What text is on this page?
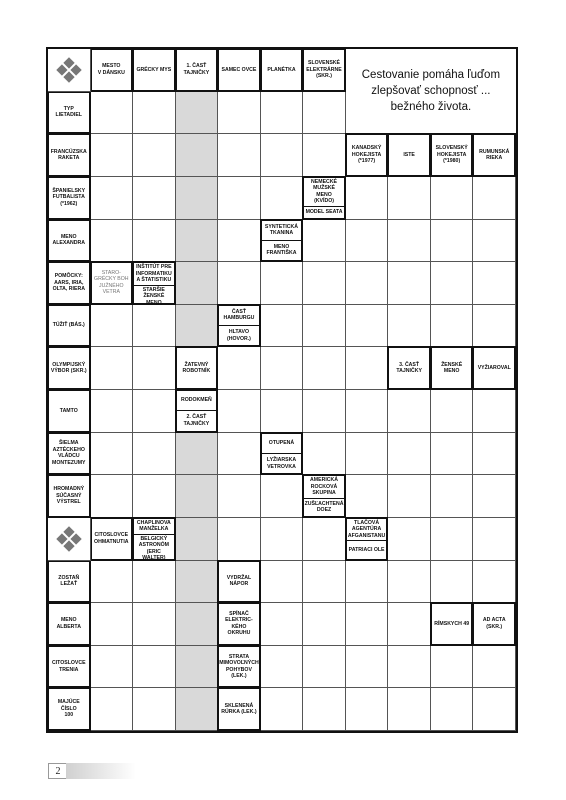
Cestovanie pomáha ľuďom zlepšovať schopnosť ... bežného života.
MESTO
V DÁNSKU
GRÉCKY MYS
1. ČASŤ
TAJNIČKY
SAMEC OVCE	PLANÉTKA
SLOVENSKÉ
ELEKTRÁRNE
(SKR.)
TYP
LIETADIEL
FRANCÚZSKA
RAKETA
KANADSKÝ
HOKEJISTA
(*1977)
ISTE
SLOVENSKÝ
HOKEJISTA
(*1980)
RUMUNSKÁ
RIEKA
ŠPANIELSKY
FUTBALISTA
(*1962)
NEMECKÉ
MUŽSKÉ MENO
(KVÍDO)
MODEL SEATA
MENO
ALEXANDRA
SYNTETICKÁ
TKANINA
MENO
FRANTIŠKA
POMÔCKY:
AARS, IRIA,
OLTA, RIERA
STARO-
GRÉCKY BOH
JUŽNÉHO
VETRA
INŠTITÚT PRE
INFORMATIKU
A ŠTATISTIKU
STARŠIE
ŽENSKÉ MENO
TÚŽIŤ (BÁS.)
ČASŤ
HAMBURGU
HLTAVO
(HOVOR.)
OLYMPIJSKÝ
VÝBOR (SKR.)
ŽATEVNÝ
ROBOTNÍK
3. ČASŤ
TAJNIČKY
ŽENSKÉ MENO
VYŽIAROVAL
TAMTO
RODOKMEŇ
2. ČASŤ
TAJNIČKY
ŠIELMA
AZTÉCKEHO
VLÁDCU
MONTEZUMY
OTUPENÁ
LYŽIARSKA
VETROVKA
HROMADNÝ
SÚČASNÝ
VÝSTREL
AMERICKÁ
ROCKOVÁ
SKUPINA
ZUŠĽACHTENÁ
DOEZ
CITOSLOVCE
OHMATNUTIA
CHAPLINOVA
MANŽELKA
BELGICKÝ
ASTRONÓM
(ERIC WALTER)
TLAČOVÁ
AGENTÚRA
AFGANISTANU
PATRIACI OLE
ZOSTAŇ LEŽAŤ
VYDRŽAL
NÁPOR
MENO
ALBERTA
SPÍNAČ
ELEKTRIC-
KÉHO OKRUHU
RÍMSKYCH 49
AD ACTA
(SKR.)
CITOSLOVCE
TRENIA
STRATA
MIMOVOĽNÝCH
POHYBOV
(LEK.)
MAJÚCE ČÍSLO
100
SKLENENÁ
RÚRKA (LEK.)
2
